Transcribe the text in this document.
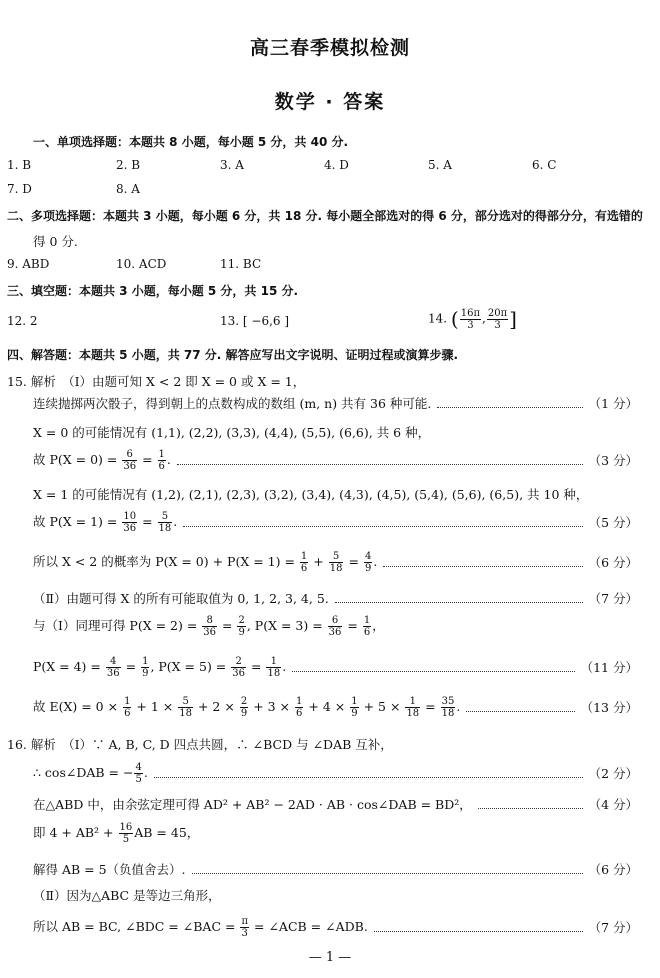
高三春季模拟检测
数学 · 答案
一、单项选择题：本题共 8 小题，每小题 5 分，共 40 分.
1. B	2. B	3. A	4. D	5. A	6. C
7. D	8. A
二、多项选择题：本题共 3 小题，每小题 6 分，共 18 分. 每小题全部选对的得 6 分，部分选对的得部分分，有选错的
得 0 分.
9. ABD	10. ACD	11. BC
三、填空题：本题共 3 小题，每小题 5 分，共 15 分.
12. 2	13. [ −6,6 ]	14. ( $\frac{16\pi}{3}$ , $\frac{20\pi}{3}$ ]
四、解答题：本题共 5 小题，共 77 分. 解答应写出文字说明、证明过程或演算步骤.
15. 解析　（Ⅰ）由题可知 X < 2 即 X = 0 或 X = 1，
连续抛掷两次骰子，得到朝上的点数构成的数组 (m, n) 共有 36 种可能.	（1 分）
X = 0 的可能情况有 (1,1), (2,2), (3,3), (4,4), (5,5), (6,6), 共 6 种，
故 $P(X = 0) = \frac{6}{36} = \frac{1}{6}$ .	（3 分）
X = 1 的可能情况有 (1,2), (2,1), (2,3), (3,2), (3,4), (4,3), (4,5), (5,4), (5,6), (6,5), 共 10 种，
故 $P(X = 1) = \frac{10}{36} = \frac{5}{18}$ .	（5 分）
所以 X < 2 的概率为 $P(X = 0) + P(X = 1) = \frac{1}{6} + \frac{5}{18} = \frac{4}{9}$ .	（6 分）
（Ⅱ）由题可得 X 的所有可能取值为 0, 1, 2, 3, 4, 5.	（7 分）
与（Ⅰ）同理可得 $P(X = 2) = \frac{8}{36} = \frac{2}{9}$ , $P(X = 3) = \frac{6}{36} = \frac{1}{6}$ ，
$P(X = 4) = \frac{4}{36} = \frac{1}{9}$ , $P(X = 5) = \frac{2}{36} = \frac{1}{18}$ .	（11 分）
故 $E(X) = 0 \times \frac{1}{6} + 1 \times \frac{5}{18} + 2 \times \frac{2}{9} + 3 \times \frac{1}{6} + 4 \times \frac{1}{9} + 5 \times \frac{1}{18} = \frac{35}{18}$ .	（13 分）
16. 解析　（Ⅰ）∵ A, B, C, D 四点共圆，∴ ∠BCD 与 ∠DAB 互补，
∴ cos∠DAB = − $\frac{4}{5}$ .	（2 分）
在△ABD 中，由余弦定理可得 AD² + AB² − 2AD · AB · cos∠DAB = BD²，	（4 分）
即 $4 + AB^2 + \frac{16}{5}$ AB = 45，
解得 AB = 5（负值舍去）.	（6 分）
（Ⅱ）因为△ABC 是等边三角形，
所以 AB = BC, ∠BDC = ∠BAC = $\frac{\pi}{3}$ = ∠ACB = ∠ADB.	（7 分）
— 1 —
